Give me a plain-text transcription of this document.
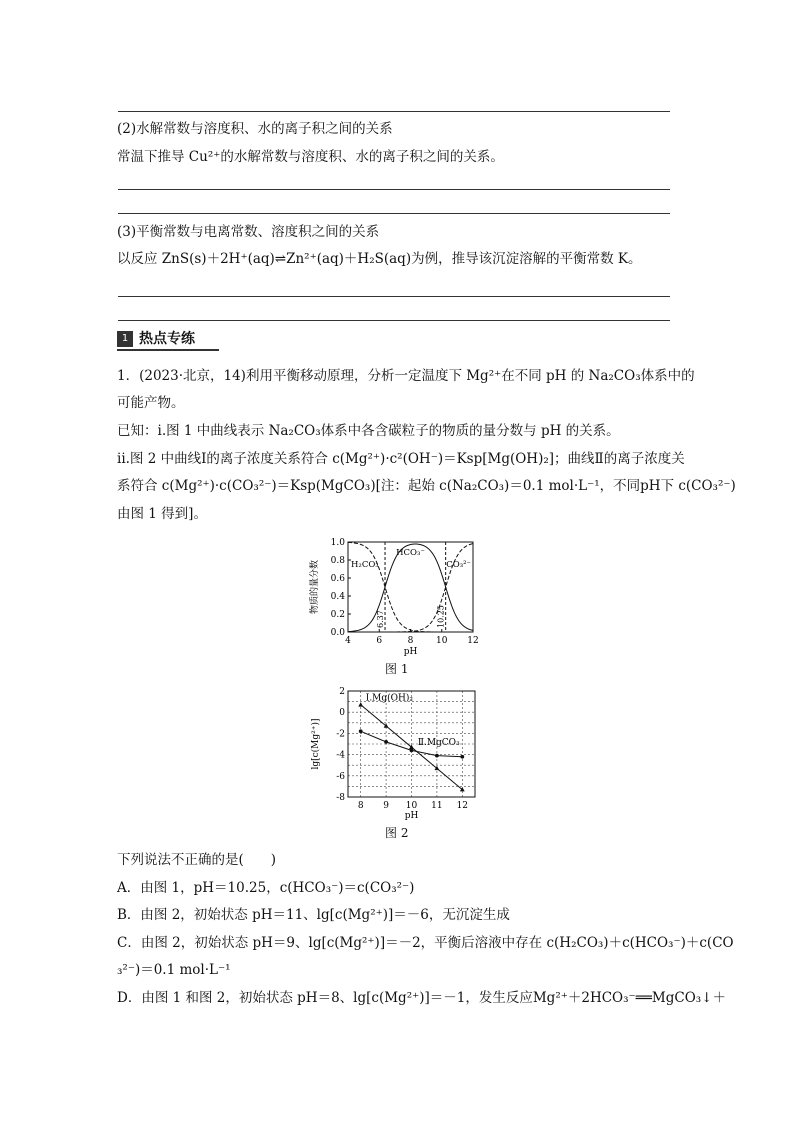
(2)水解常数与溶度积、水的离子积之间的关系
常温下推导 Cu²⁺的水解常数与溶度积、水的离子积之间的关系。
(3)平衡常数与电离常数、溶度积之间的关系
以反应 ZnS(s)＋2H⁺(aq)⇌Zn²⁺(aq)＋H₂S(aq)为例，推导该沉淀溶解的平衡常数 K。
1 热点专练
1．(2023·北京，14)利用平衡移动原理，分析一定温度下 Mg²⁺在不同 pH 的 Na₂CO₃体系中的
可能产物。
已知：i.图 1 中曲线表示 Na₂CO₃体系中各含碳粒子的物质的量分数与 pH 的关系。
ii.图 2 中曲线Ⅰ的离子浓度关系符合 c(Mg²⁺)·c²(OH⁻)＝Ksp[Mg(OH)₂]；曲线Ⅱ的离子浓度关
系符合 c(Mg²⁺)·c(CO₃²⁻)＝Ksp(MgCO₃)[注：起始 c(Na₂CO₃)＝0.1 mol·L⁻¹，不同pH下 c(CO₃²⁻)
由图 1 得到]。
0.0
0.2
0.4
0.6
0.8
1.0
4	6	8	10 12
pH
物质的量分数
6.37	10.25
H₂CO₃
HCO₃⁻
CO₃²⁻
图 1
2
0
-2
-4
-6
-8
8 9 10 11 12
pH
lg[c(Mg²⁺)]
Ⅰ.Mg(OH)₂
Ⅱ.MgCO₃
图 2
下列说法不正确的是(　　)
A．由图 1，pH＝10.25，c(HCO₃⁻)＝c(CO₃²⁻)
B．由图 2，初始状态 pH＝11、lg[c(Mg²⁺)]＝－6，无沉淀生成
C．由图 2，初始状态 pH＝9、lg[c(Mg²⁺)]＝－2，平衡后溶液中存在 c(H₂CO₃)＋c(HCO₃⁻)＋c(CO
₃²⁻)＝0.1 mol·L⁻¹
D．由图 1 和图 2，初始状态 pH＝8、lg[c(Mg²⁺)]＝－1，发生反应Mg²⁺＋2HCO₃⁻══MgCO₃↓＋
